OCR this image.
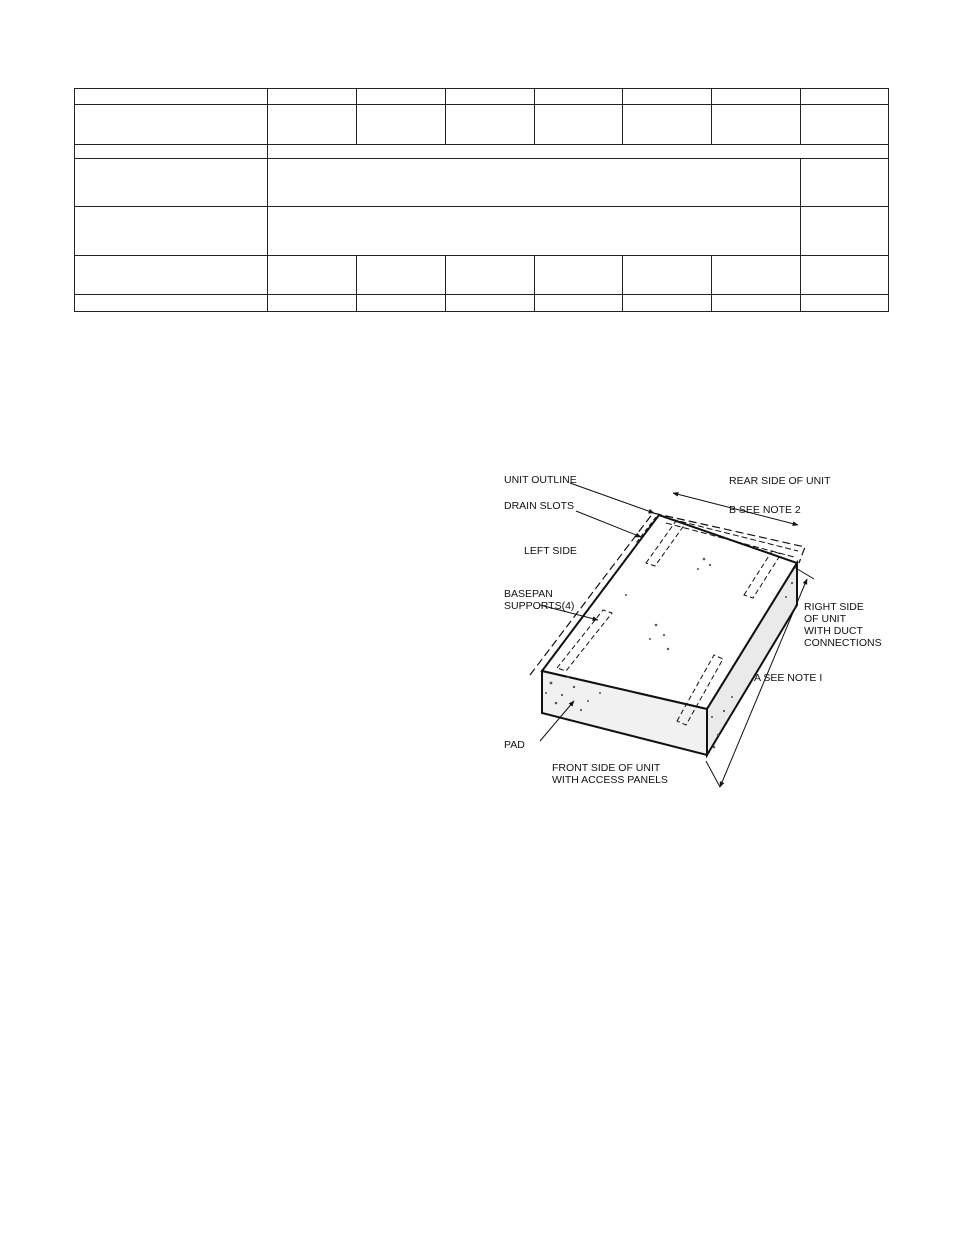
UNIT OUTLINE
DRAIN SLOTS
LEFT SIDE
BASEPAN
SUPPORTS(4)
PAD
REAR SIDE OF UNIT
B SEE NOTE 2
RIGHT SIDE
OF UNIT
WITH DUCT
CONNECTIONS
A SEE NOTE I
FRONT SIDE OF UNIT
WITH ACCESS PANELS
